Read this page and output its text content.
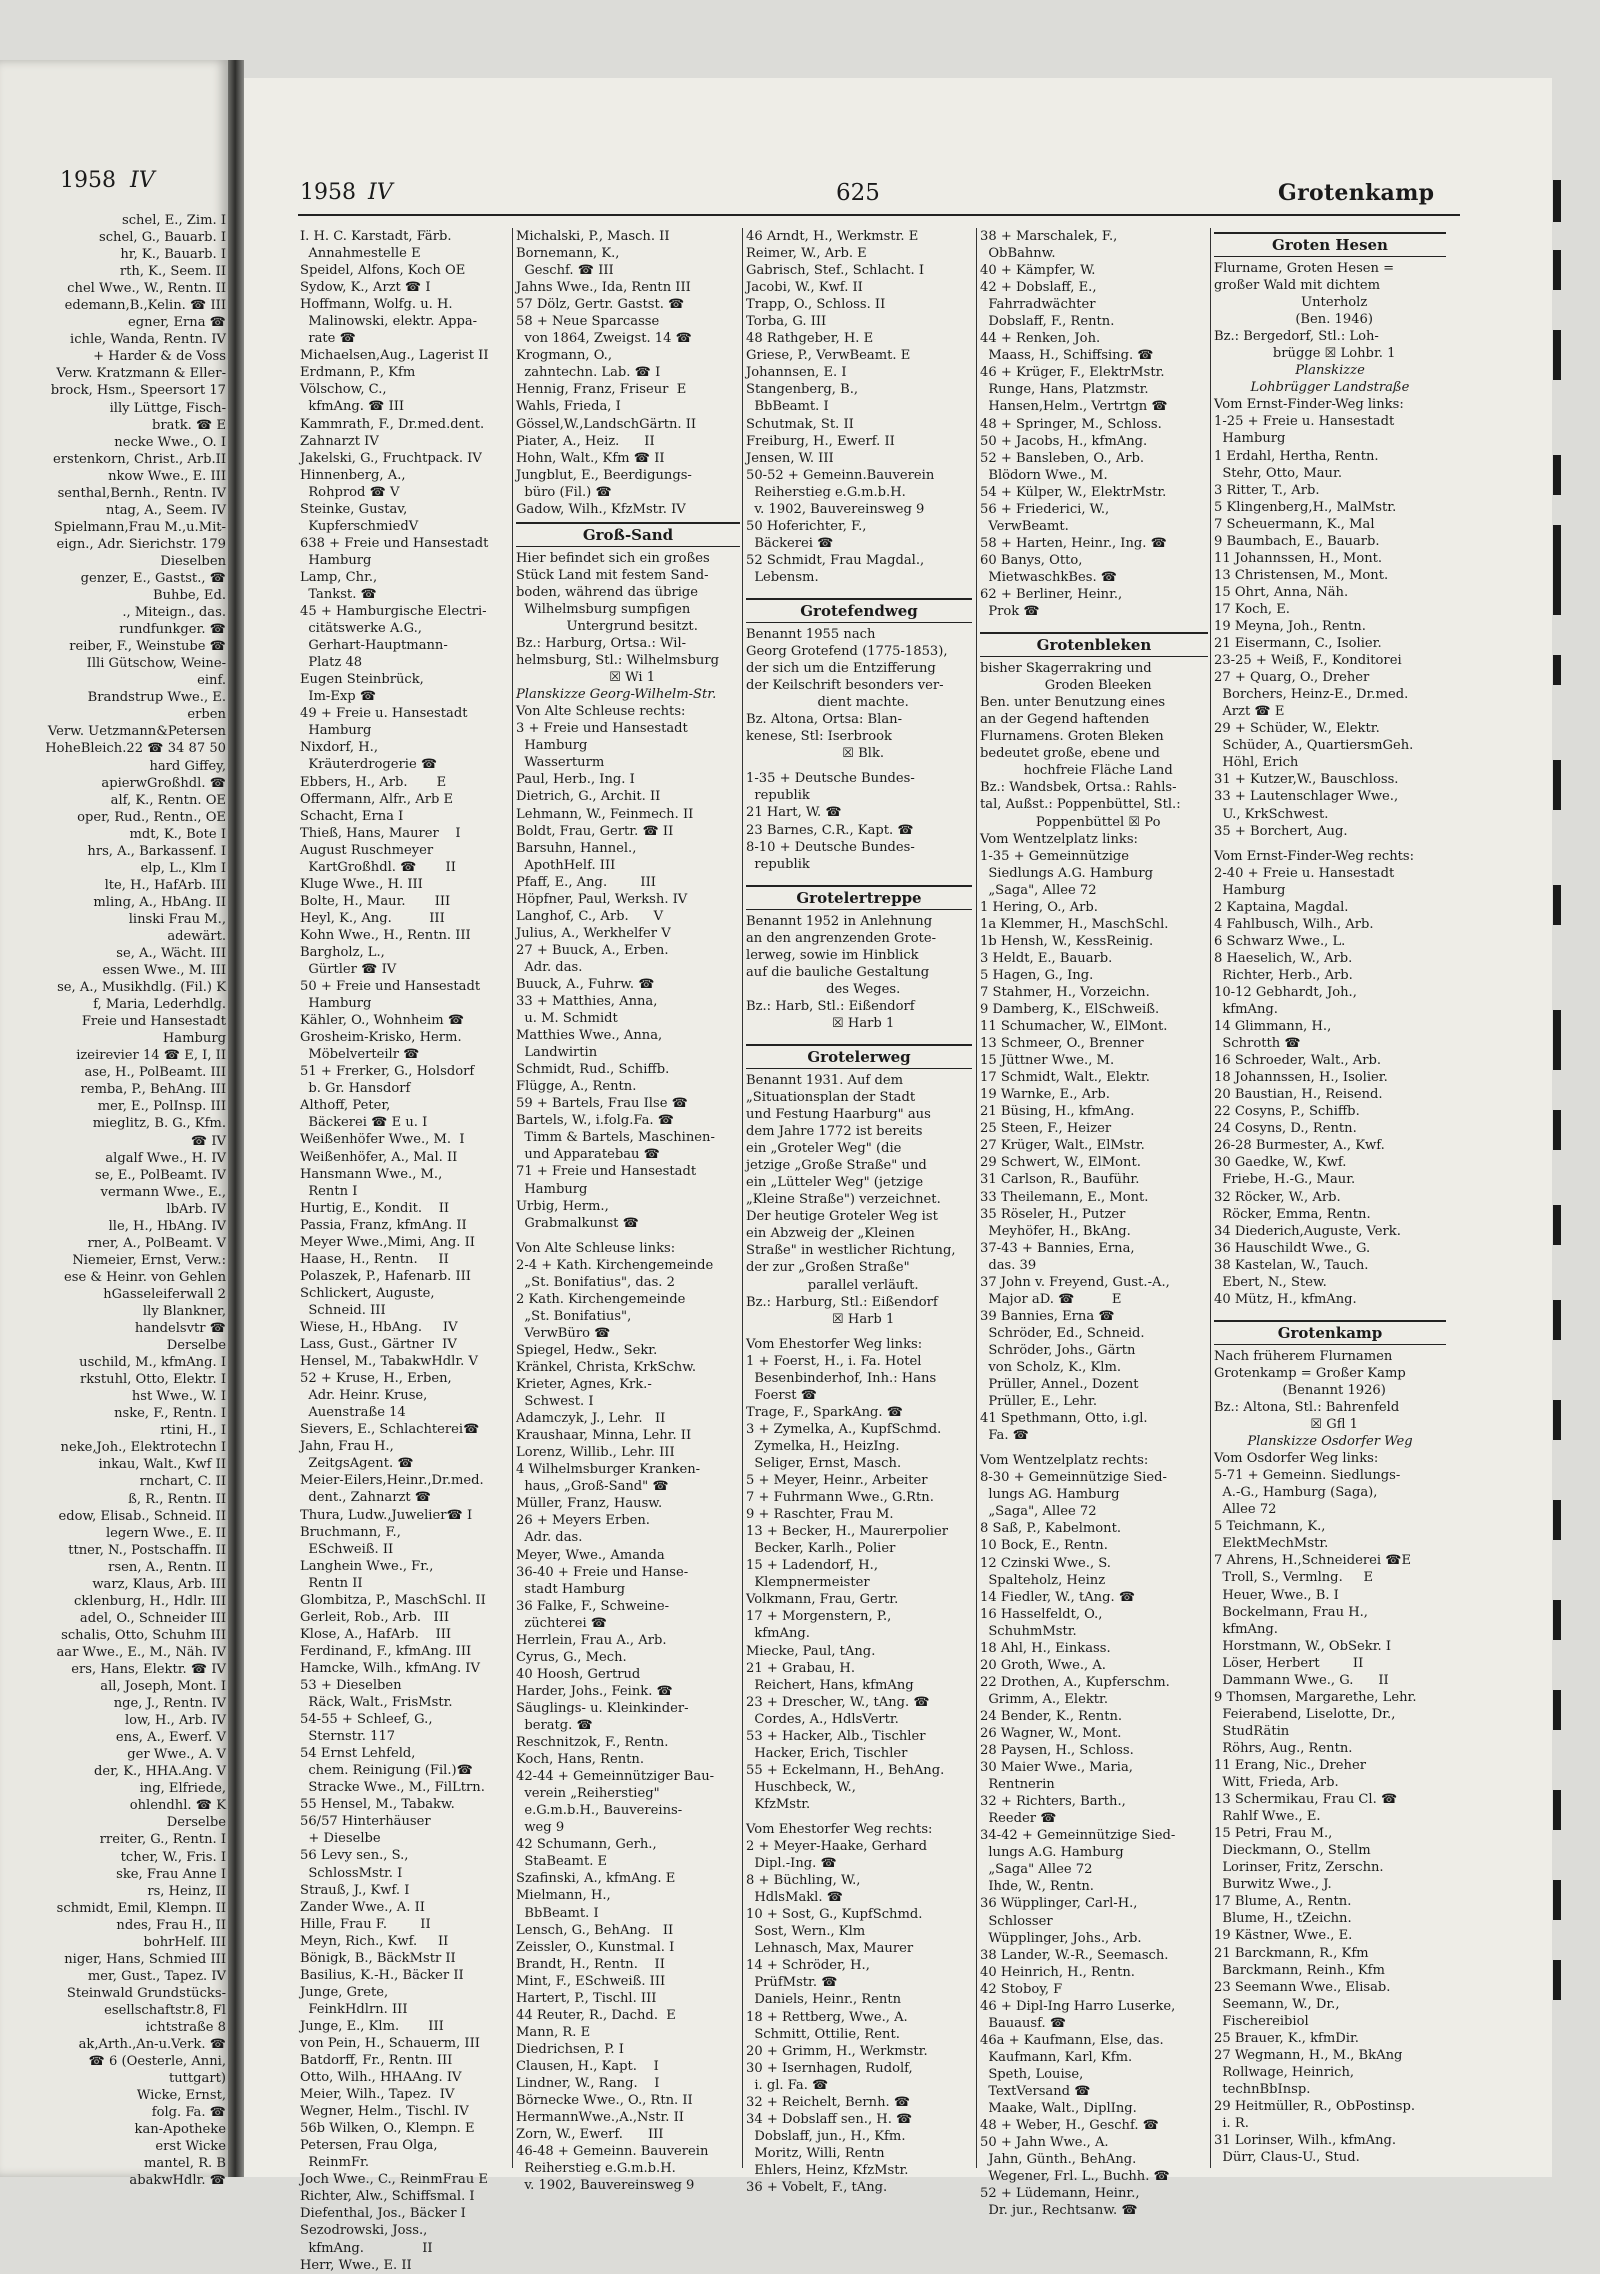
1958 IV
schel, E., Zim. I
schel, G., Bauarb. I
hr, K., Bauarb. I
rth, K., Seem. II
chel Wwe., W., Rentn. II
edemann,B.,Kelin. ☎ III
egner, Erna ☎
ichle, Wanda, Rentn. IV
+ Harder & de Voss
Verw. Kratzmann & Eller-
brock, Hsm., Speersort 17
illy Lüttge, Fisch-
bratk. ☎ E
necke Wwe., O. I
erstenkorn, Christ., Arb.II
nkow Wwe., E. III
senthal,Bernh., Rentn. IV
ntag, A., Seem. IV
Spielmann,Frau M.,u.Mit-
eign., Adr. Sierichstr. 179
Dieselben
genzer, E., Gastst., ☎
Buhbe, Ed.
., Miteign., das.
rundfunkger. ☎
reiber, F., Weinstube ☎
Illi Gütschow, Weine-
einf.
Brandstrup Wwe., E.
erben
Verw. Uetzmann&Petersen
HoheBleich.22 ☎ 34 87 50
hard Giffey,
apierwGroßhdl. ☎
alf, K., Rentn. OE
oper, Rud., Rentn., OE
mdt, K., Bote I
hrs, A., Barkassenf. I
elp, L., Klm I
lte, H., HafArb. III
mling, A., HbAng. II
linski Frau M.,
adewärt.
se, A., Wächt. III
essen Wwe., M. III
se, A., Musikhdlg. (Fil.) K
f, Maria, Lederhdlg.
Freie und Hansestadt
Hamburg
izeirevier 14 ☎ E, I, II
ase, H., PolBeamt. III
remba, P., BehAng. III
mer, E., PolInsp. III
mieglitz, B. G., Kfm.
☎ IV
algalf Wwe., H. IV
se, E., PolBeamt. IV
vermann Wwe., E.,
lbArb. IV
lle, H., HbAng. IV
rner, A., PolBeamt. V
Niemeier, Ernst, Verw.:
ese & Heinr. von Gehlen
hGasseleiferwall 2
lly Blankner,
handelsvtr ☎
Derselbe
uschild, M., kfmAng. I
rkstuhl, Otto, Elektr. I
hst Wwe., W. I
nske, F., Rentn. I
rtini, H., I
neke,Joh., Elektrotechn I
inkau, Walt., Kwf II
rnchart, C. II
ß, R., Rentn. II
edow, Elisab., Schneid. II
legern Wwe., E. II
ttner, N., Postschaffn. II
rsen, A., Rentn. II
warz, Klaus, Arb. III
cklenburg, H., Hdlr. III
adel, O., Schneider III
schalis, Otto, Schuhm III
aar Wwe., E., M., Näh. IV
ers, Hans, Elektr. ☎ IV
all, Joseph, Mont. I
nge, J., Rentn. IV
low, H., Arb. IV
ens, A., Ewerf. V
ger Wwe., A. V
der, K., HHA.Ang. V
ing, Elfriede,
ohlendhl. ☎ K
Derselbe
rreiter, G., Rentn. I
tcher, W., Fris. I
ske, Frau Anne I
rs, Heinz, II
schmidt, Emil, Klempn. II
ndes, Frau H., II
bohrHelf. III
niger, Hans, Schmied III
mer, Gust., Tapez. IV
Steinwald Grundstücks-
esellschaftstr.8, Fl
ichtstraße 8
ak,Arth.,An-u.Verk. ☎
☎ 6 (Oesterle, Anni,
tuttgart)
Wicke, Ernst,
folg. Fa. ☎
kan-Apotheke
erst Wicke
mantel, R. B
abakwHdlr. ☎
1958 IV	625	Grotenkamp
I. H. C. Karstadt, Färb.
Annahmestelle E
Speidel, Alfons, Koch OE
Sydow, K., Arzt ☎ I
Hoffmann, Wolfg. u. H.
Malinowski, elektr. Appa-
rate ☎
Michaelsen,Aug., Lagerist II
Erdmann, P., Kfm
Völschow, C.,
kfmAng. ☎ III
Kammrath, F., Dr.med.dent.
Zahnarzt IV
Jakelski, G., Fruchtpack. IV
Hinnenberg, A.,
Rohprod ☎ V
Steinke, Gustav,
KupferschmiedV
638 + Freie und Hansestadt
Hamburg
Lamp, Chr.,
Tankst. ☎
45 + Hamburgische Electri-
citätswerke A.G.,
Gerhart-Hauptmann-
Platz 48
Eugen Steinbrück,
Im-Exp ☎
49 + Freie u. Hansestadt
Hamburg
Nixdorf, H.,
Kräuterdrogerie ☎
Ebbers, H., Arb.       E
Offermann, Alfr., Arb E
Schacht, Erna I
Thieß, Hans, Maurer    I
August Ruschmeyer
KartGroßhdl. ☎       II
Kluge Wwe., H. III
Bolte, H., Maur.       III
Heyl, K., Ang.         III
Kohn Wwe., H., Rentn. III
Bargholz, L.,
Gürtler ☎ IV
50 + Freie und Hansestadt
Hamburg
Kähler, O., Wohnheim ☎
Grosheim-Krisko, Herm.
Möbelverteilr ☎
51 + Frerker, G., Holsdorf
b. Gr. Hansdorf
Althoff, Peter,
Bäckerei ☎ E u. I
Weißenhöfer Wwe., M.  I
Weißenhöfer, A., Mal. II
Hansmann Wwe., M.,
Rentn I
Hurtig, E., Kondit.    II
Passia, Franz, kfmAng. II
Meyer Wwe.,Mimi, Ang. II
Haase, H., Rentn.     II
Polaszek, P., Hafenarb. III
Schlickert, Auguste,
Schneid. III
Wiese, H., HbAng.     IV
Lass, Gust., Gärtner  IV
Hensel, M., TabakwHdlr. V
52 + Kruse, H., Erben,
Adr. Heinr. Kruse,
Auenstraße 14
Sievers, E., Schlachterei☎
Jahn, Frau H.,
ZeitgsAgent. ☎
Meier-Eilers,Heinr.,Dr.med.
dent., Zahnarzt ☎
Thura, Ludw.,Juwelier☎ I
Bruchmann, F.,
ESchweiß. II
Langhein Wwe., Fr.,
Rentn II
Glombitza, P., MaschSchl. II
Gerleit, Rob., Arb.   III
Klose, A., HafArb.    III
Ferdinand, F., kfmAng. III
Hamcke, Wilh., kfmAng. IV
53 + Dieselben
Räck, Walt., FrisMstr.
54-55 + Schleef, G.,
Sternstr. 117
54 Ernst Lehfeld,
chem. Reinigung (Fil.)☎
Stracke Wwe., M., FilLtrn.
55 Hensel, M., Tabakw.
56/57 Hinterhäuser
+ Dieselbe
56 Levy sen., S.,
SchlossMstr. I
Strauß, J., Kwf. I
Zander Wwe., A. II
Hille, Frau F.        II
Meyn, Rich., Kwf.     II
Bönigk, B., BäckMstr II
Basilius, K.-H., Bäcker II
Junge, Grete,
FeinkHdlrn. III
Junge, E., Klm.       III
von Pein, H., Schauerm, III
Batdorff, Fr., Rentn. III
Otto, Wilh., HHAAng. IV
Meier, Wilh., Tapez.  IV
Wegner, Helm., Tischl. IV
56b Wilken, O., Klempn. E
Petersen, Frau Olga,
ReinmFr.
Joch Wwe., C., ReinmFrau E
Richter, Alw., Schiffsmal. I
Diefenthal, Jos., Bäcker I
Sezodrowski, Joss.,
kfmAng.              II
Herr, Wwe., E. II
Michalski, P., Masch. II
Bornemann, K.,
Geschf. ☎ III
Jahns Wwe., Ida, Rentn III
57 Dölz, Gertr. Gastst. ☎
58 + Neue Sparcasse
von 1864, Zweigst. 14 ☎
Krogmann, O.,
zahntechn. Lab. ☎ I
Hennig, Franz, Friseur  E
Wahls, Frieda, I
Gössel,W.,LandschGärtn. II
Piater, A., Heiz.      II
Hohn, Walt., Kfm ☎ II
Jungblut, E., Beerdigungs-
büro (Fil.) ☎
Gadow, Wilh., KfzMstr. IV
Groß-Sand
Hier befindet sich ein großes
Stück Land mit festem Sand-
boden, während das übrige
Wilhelmsburg sumpfigen
Untergrund besitzt.
Bz.: Harburg, Ortsa.: Wil-
helmsburg, Stl.: Wilhelmsburg
☒ Wi 1
Planskizze Georg-Wilhelm-Str.
Von Alte Schleuse rechts:
3 + Freie und Hansestadt
Hamburg
Wasserturm
Paul, Herb., Ing. I
Dietrich, G., Archit. II
Lehmann, W., Feinmech. II
Boldt, Frau, Gertr. ☎ II
Barsuhn, Hannel.,
ApothHelf. III
Pfaff, E., Ang.        III
Höpfner, Paul, Werksh. IV
Langhof, C., Arb.      V
Julius, A., Werkhelfer V
27 + Buuck, A., Erben.
Adr. das.
Buuck, A., Fuhrw. ☎
33 + Matthies, Anna,
u. M. Schmidt
Matthies Wwe., Anna,
Landwirtin
Schmidt, Rud., Schiffb.
Flügge, A., Rentn.
59 + Bartels, Frau Ilse ☎
Bartels, W., i.folg.Fa. ☎
Timm & Bartels, Maschinen-
und Apparatebau ☎
71 + Freie und Hansestadt
Hamburg
Urbig, Herm.,
Grabmalkunst ☎
Von Alte Schleuse links:
2-4 + Kath. Kirchengemeinde
„St. Bonifatius", das. 2
2 Kath. Kirchengemeinde
„St. Bonifatius",
VerwBüro ☎
Spiegel, Hedw., Sekr.
Kränkel, Christa, KrkSchw.
Krieter, Agnes, Krk.-
Schwest. I
Adamczyk, J., Lehr.   II
Kraushaar, Minna, Lehr. II
Lorenz, Willib., Lehr. III
4 Wilhelmsburger Kranken-
haus, „Groß-Sand" ☎
Müller, Franz, Hausw.
26 + Meyers Erben.
Adr. das.
Meyer, Wwe., Amanda
36-40 + Freie und Hanse-
stadt Hamburg
36 Falke, F., Schweine-
züchterei ☎
Herrlein, Frau A., Arb.
Cyrus, G., Mech.
40 Hoosh, Gertrud
Harder, Johs., Feink. ☎
Säuglings- u. Kleinkinder-
beratg. ☎
Reschnitzok, F., Rentn.
Koch, Hans, Rentn.
42-44 + Gemeinnütziger Bau-
verein „Reiherstieg"
e.G.m.b.H., Bauvereins-
weg 9
42 Schumann, Gerh.,
StaBeamt. E
Szafinski, A., kfmAng. E
Mielmann, H.,
BbBeamt. I
Lensch, G., BehAng.   II
Zeissler, O., Kunstmal. I
Brandt, H., Rentn.    II
Mint, F., ESchweiß. III
Hartert, P., Tischl. III
44 Reuter, R., Dachd.  E
Mann, R. E
Diedrichsen, P. I
Clausen, H., Kapt.    I
Lindner, W., Rang.    I
Börnecke Wwe., O., Rtn. II
HermannWwe.,A.,Nstr. II
Zorn, W., Ewerf.      III
46-48 + Gemeinn. Bauverein
Reiherstieg e.G.m.b.H.
v. 1902, Bauvereinsweg 9
46 Arndt, H., Werkmstr. E
Reimer, W., Arb. E
Gabrisch, Stef., Schlacht. I
Jacobi, W., Kwf. II
Trapp, O., Schloss. II
Torba, G. III
48 Rathgeber, H. E
Griese, P., VerwBeamt. E
Johannsen, E. I
Stangenberg, B.,
BbBeamt. I
Schutmak, St. II
Freiburg, H., Ewerf. II
Jensen, W. III
50-52 + Gemeinn.Bauverein
Reiherstieg e.G.m.b.H.
v. 1902, Bauvereinsweg 9
50 Hoferichter, F.,
Bäckerei ☎
52 Schmidt, Frau Magdal.,
Lebensm.
Grotefendweg
Benannt 1955 nach
Georg Grotefend (1775-1853),
der sich um die Entzifferung
der Keilschrift besonders ver-
dient machte.
Bz. Altona, Ortsa: Blan-
kenese, Stl: Iserbrook
☒ Blk.
1-35 + Deutsche Bundes-
republik
21 Hart, W. ☎
23 Barnes, C.R., Kapt. ☎
8-10 + Deutsche Bundes-
republik
Grotelertreppe
Benannt 1952 in Anlehnung
an den angrenzenden Grote-
lerweg, sowie im Hinblick
auf die bauliche Gestaltung
des Weges.
Bz.: Harb, Stl.: Eißendorf
☒ Harb 1
Grotelerweg
Benannt 1931. Auf dem
„Situationsplan der Stadt
und Festung Haarburg" aus
dem Jahre 1772 ist bereits
ein „Groteler Weg" (die
jetzige „Große Straße" und
ein „Lütteler Weg" (jetzige
„Kleine Straße") verzeichnet.
Der heutige Groteler Weg ist
ein Abzweig der „Kleinen
Straße" in westlicher Richtung,
der zur „Großen Straße"
parallel verläuft.
Bz.: Harburg, Stl.: Eißendorf
☒ Harb 1
Vom Ehestorfer Weg links:
1 + Foerst, H., i. Fa. Hotel
Besenbinderhof, Inh.: Hans
Foerst ☎
Trage, F., SparkAng. ☎
3 + Zymelka, A., KupfSchmd.
Zymelka, H., HeizIng.
Seliger, Ernst, Masch.
5 + Meyer, Heinr., Arbeiter
7 + Fuhrmann Wwe., G.Rtn.
9 + Raschter, Frau M.
13 + Becker, H., Maurerpolier
Becker, Karlh., Polier
15 + Ladendorf, H.,
Klempnermeister
Volkmann, Frau, Gertr.
17 + Morgenstern, P.,
kfmAng.
Miecke, Paul, tAng.
21 + Grabau, H.
Reichert, Hans, kfmAng
23 + Drescher, W., tAng. ☎
Cordes, A., HdlsVertr.
53 + Hacker, Alb., Tischler
Hacker, Erich, Tischler
55 + Eckelmann, H., BehAng.
Huschbeck, W.,
KfzMstr.
Vom Ehestorfer Weg rechts:
2 + Meyer-Haake, Gerhard
Dipl.-Ing. ☎
8 + Büchling, W.,
HdlsMakl. ☎
10 + Sost, G., KupfSchmd.
Sost, Wern., Klm
Lehnasch, Max, Maurer
14 + Schröder, H.,
PrüfMstr. ☎
Daniels, Heinr., Rentn
18 + Rettberg, Wwe., A.
Schmitt, Ottilie, Rent.
20 + Grimm, H., Werkmstr.
30 + Isernhagen, Rudolf,
i. gl. Fa. ☎
32 + Reichelt, Bernh. ☎
34 + Dobslaff sen., H. ☎
Dobslaff, jun., H., Kfm.
Moritz, Willi, Rentn
Ehlers, Heinz, KfzMstr.
36 + Vobelt, F., tAng.
38 + Marschalek, F.,
ObBahnw.
40 + Kämpfer, W.
42 + Dobslaff, E.,
Fahrradwächter
Dobslaff, F., Rentn.
44 + Renken, Joh.
Maass, H., Schiffsing. ☎
46 + Krüger, F., ElektrMstr.
Runge, Hans, Platzmstr.
Hansen,Helm., Vertrtgn ☎
48 + Springer, M., Schloss.
50 + Jacobs, H., kfmAng.
52 + Bansleben, O., Arb.
Blödorn Wwe., M.
54 + Külper, W., ElektrMstr.
56 + Friederici, W.,
VerwBeamt.
58 + Harten, Heinr., Ing. ☎
60 Banys, Otto,
MietwaschkBes. ☎
62 + Berliner, Heinr.,
Prok ☎
Grotenbleken
bisher Skagerrakring und
Groden Bleeken
Ben. unter Benutzung eines
an der Gegend haftenden
Flurnamens. Groten Bleken
bedeutet große, ebene und
hochfreie Fläche Land
Bz.: Wandsbek, Ortsa.: Rahls-
tal, Außst.: Poppenbüttel, Stl.:
Poppenbüttel ☒ Po
Vom Wentzelplatz links:
1-35 + Gemeinnützige
Siedlungs A.G. Hamburg
„Saga", Allee 72
1 Hering, O., Arb.
1a Klemmer, H., MaschSchl.
1b Hensh, W., KessReinig.
3 Heldt, E., Bauarb.
5 Hagen, G., Ing.
7 Stahmer, H., Vorzeichn.
9 Damberg, K., ElSchweiß.
11 Schumacher, W., ElMont.
13 Schmeer, O., Brenner
15 Jüttner Wwe., M.
17 Schmidt, Walt., Elektr.
19 Warnke, E., Arb.
21 Büsing, H., kfmAng.
25 Steen, F., Heizer
27 Krüger, Walt., ElMstr.
29 Schwert, W., ElMont.
31 Carlson, R., Bauführ.
33 Theilemann, E., Mont.
35 Röseler, H., Putzer
Meyhöfer, H., BkAng.
37-43 + Bannies, Erna,
das. 39
37 John v. Freyend, Gust.-A.,
Major aD. ☎         E
39 Bannies, Erna ☎
Schröder, Ed., Schneid.
Schröder, Johs., Gärtn
von Scholz, K., Klm.
Prüller, Annel., Dozent
Prüller, E., Lehr.
41 Spethmann, Otto, i.gl.
Fa. ☎
Vom Wentzelplatz rechts:
8-30 + Gemeinnützige Sied-
lungs AG. Hamburg
„Saga", Allee 72
8 Saß, P., Kabelmont.
10 Bock, E., Rentn.
12 Czinski Wwe., S.
Spalteholz, Heinz
14 Fiedler, W., tAng. ☎
16 Hasselfeldt, O.,
SchuhmMstr.
18 Ahl, H., Einkass.
20 Groth, Wwe., A.
22 Drothen, A., Kupferschm.
Grimm, A., Elektr.
24 Bender, K., Rentn.
26 Wagner, W., Mont.
28 Paysen, H., Schloss.
30 Maier Wwe., Maria,
Rentnerin
32 + Richters, Barth.,
Reeder ☎
34-42 + Gemeinnützige Sied-
lungs A.G. Hamburg
„Saga" Allee 72
Ihde, W., Rentn.
36 Wüpplinger, Carl-H.,
Schlosser
Wüpplinger, Johs., Arb.
38 Lander, W.-R., Seemasch.
40 Heinrich, H., Rentn.
42 Stoboy, F
46 + Dipl-Ing Harro Luserke,
Bauausf. ☎
46a + Kaufmann, Else, das.
Kaufmann, Karl, Kfm.
Speth, Louise,
TextVersand ☎
Maake, Walt., DiplIng.
48 + Weber, H., Geschf. ☎
50 + Jahn Wwe., A.
Jahn, Günth., BehAng.
Wegener, Frl. L., Buchh. ☎
52 + Lüdemann, Heinr.,
Dr. jur., Rechtsanw. ☎
Groten Hesen
Flurname, Groten Hesen =
großer Wald mit dichtem
Unterholz
(Ben. 1946)
Bz.: Bergedorf, Stl.: Loh-
brügge ☒ Lohbr. 1
Planskizze
Lohbrügger Landstraße
Vom Ernst-Finder-Weg links:
1-25 + Freie u. Hansestadt
Hamburg
1 Erdahl, Hertha, Rentn.
Stehr, Otto, Maur.
3 Ritter, T., Arb.
5 Klingenberg,H., MalMstr.
7 Scheuermann, K., Mal
9 Baumbach, E., Bauarb.
11 Johannssen, H., Mont.
13 Christensen, M., Mont.
15 Ohrt, Anna, Näh.
17 Koch, E.
19 Meyna, Joh., Rentn.
21 Eisermann, C., Isolier.
23-25 + Weiß, F., Konditorei
27 + Quarg, O., Dreher
Borchers, Heinz-E., Dr.med.
Arzt ☎ E
29 + Schüder, W., Elektr.
Schüder, A., QuartiersmGeh.
Höhl, Erich
31 + Kutzer,W., Bauschloss.
33 + Lautenschlager Wwe.,
U., KrkSchwest.
35 + Borchert, Aug.
Vom Ernst-Finder-Weg rechts:
2-40 + Freie u. Hansestadt
Hamburg
2 Kaptaina, Magdal.
4 Fahlbusch, Wilh., Arb.
6 Schwarz Wwe., L.
8 Haeselich, W., Arb.
Richter, Herb., Arb.
10-12 Gebhardt, Joh.,
kfmAng.
14 Glimmann, H.,
Schrotth ☎
16 Schroeder, Walt., Arb.
18 Johannssen, H., Isolier.
20 Baustian, H., Reisend.
22 Cosyns, P., Schiffb.
24 Cosyns, D., Rentn.
26-28 Burmester, A., Kwf.
30 Gaedke, W., Kwf.
Friebe, H.-G., Maur.
32 Röcker, W., Arb.
Röcker, Emma, Rentn.
34 Diederich,Auguste, Verk.
36 Hauschildt Wwe., G.
38 Kastelan, W., Tauch.
Ebert, N., Stew.
40 Mütz, H., kfmAng.
Grotenkamp
Nach früherem Flurnamen
Grotenkamp = Großer Kamp
(Benannt 1926)
Bz.: Altona, Stl.: Bahrenfeld
☒ Gfl 1
Planskizze Osdorfer Weg
Vom Osdorfer Weg links:
5-71 + Gemeinn. Siedlungs-
A.-G., Hamburg (Saga),
Allee 72
5 Teichmann, K.,
ElektMechMstr.
7 Ahrens, H.,Schneiderei ☎E
Troll, S., Vermlng.     E
Heuer, Wwe., B. I
Bockelmann, Frau H.,
kfmAng.
Horstmann, W., ObSekr. I
Löser, Herbert        II
Dammann Wwe., G.      II
9 Thomsen, Margarethe, Lehr.
Feierabend, Liselotte, Dr.,
StudRätin
Röhrs, Aug., Rentn.
11 Erang, Nic., Dreher
Witt, Frieda, Arb.
13 Schermikau, Frau Cl. ☎
Rahlf Wwe., E.
15 Petri, Frau M.,
Dieckmann, O., Stellm
Lorinser, Fritz, Zerschn.
Burwitz Wwe., J.
17 Blume, A., Rentn.
Blume, H., tZeichn.
19 Kästner, Wwe., E.
21 Barckmann, R., Kfm
Barckmann, Reinh., Kfm
23 Seemann Wwe., Elisab.
Seemann, W., Dr.,
Fischereibiol
25 Brauer, K., kfmDir.
27 Wegmann, H., M., BkAng
Rollwage, Heinrich,
technBbInsp.
29 Heitmüller, R., ObPostinsp.
i. R.
31 Lorinser, Wilh., kfmAng.
Dürr, Claus-U., Stud.
